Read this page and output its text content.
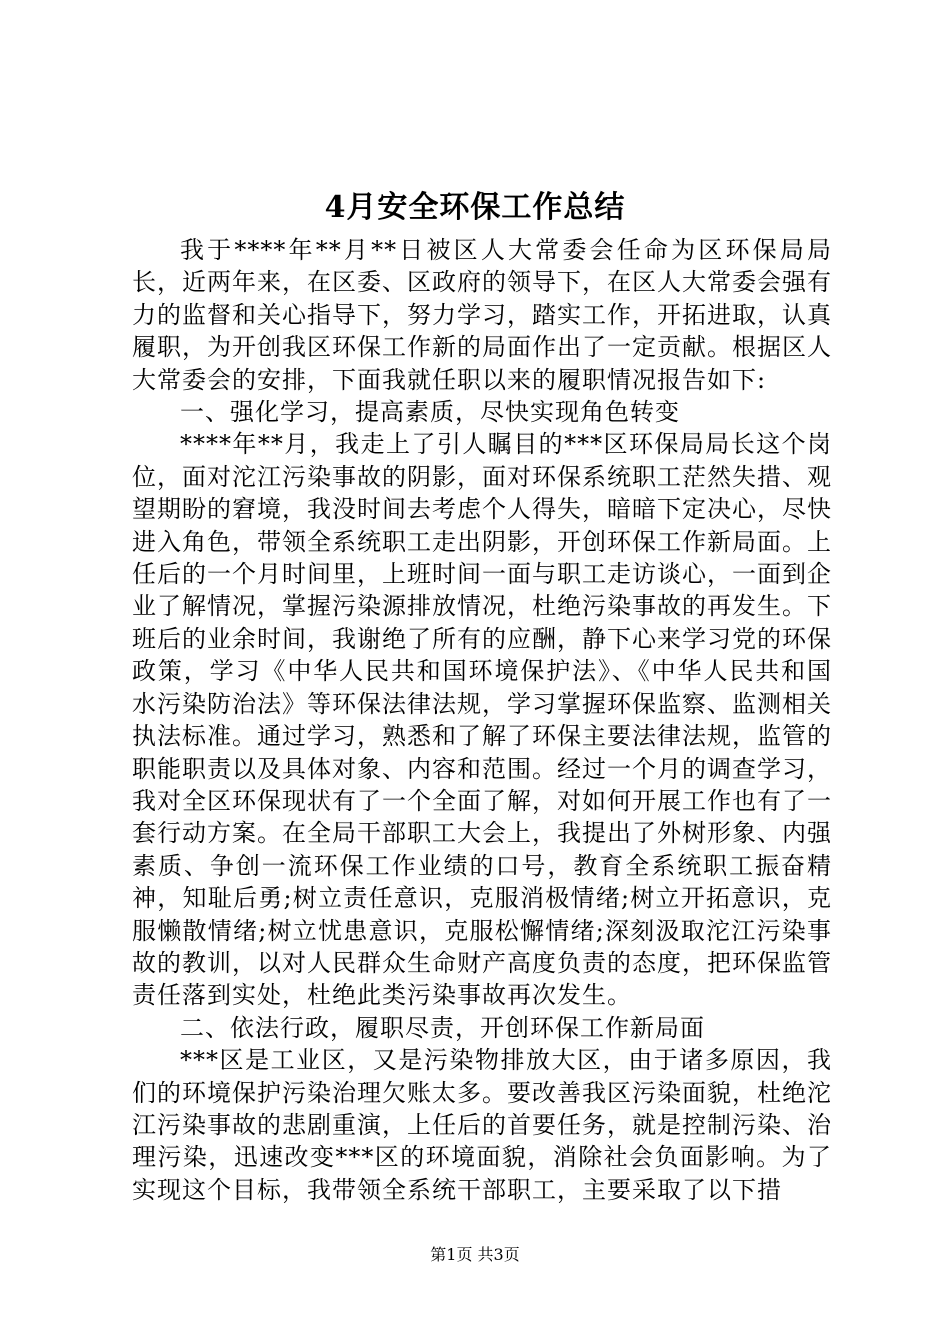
4月安全环保工作总结

我于****年**月**日被区人大常委会任命为区环保局局长，近两年来，在区委、区政府的领导下，在区人大常委会强有力的监督和关心指导下，努力学习，踏实工作，开拓进取，认真履职，为开创我区环保工作新的局面作出了一定贡献。根据区人大常委会的安排，下面我就任职以来的履职情况报告如下:

一、强化学习，提高素质，尽快实现角色转变

****年**月，我走上了引人瞩目的***区环保局局长这个岗位，面对沱江污染事故的阴影，面对环保系统职工茫然失措、观望期盼的窘境，我没时间去考虑个人得失，暗暗下定决心，尽快进入角色，带领全系统职工走出阴影，开创环保工作新局面。上任后的一个月时间里，上班时间一面与职工走访谈心，一面到企业了解情况，掌握污染源排放情况，杜绝污染事故的再发生。下班后的业余时间，我谢绝了所有的应酬，静下心来学习党的环保政策，学习《中华人民共和国环境保护法》、《中华人民共和国水污染防治法》等环保法律法规，学习掌握环保监察、监测相关执法标准。通过学习，熟悉和了解了环保主要法律法规，监管的职能职责以及具体对象、内容和范围。经过一个月的调查学习，我对全区环保现状有了一个全面了解，对如何开展工作也有了一套行动方案。在全局干部职工大会上，我提出了外树形象、内强素质、争创一流环保工作业绩的口号，教育全系统职工振奋精神，知耻后勇;树立责任意识，克服消极情绪;树立开拓意识，克服懒散情绪;树立忧患意识，克服松懈情绪;深刻汲取沱江污染事故的教训，以对人民群众生命财产高度负责的态度，把环保监管责任落到实处，杜绝此类污染事故再次发生。

二、依法行政，履职尽责，开创环保工作新局面

***区是工业区，又是污染物排放大区，由于诸多原因，我们的环境保护污染治理欠账太多。要改善我区污染面貌，杜绝沱江污染事故的悲剧重演，上任后的首要任务，就是控制污染、治理污染，迅速改变***区的环境面貌，消除社会负面影响。为了实现这个目标，我带领全系统干部职工，主要采取了以下措

第1页 共3页
